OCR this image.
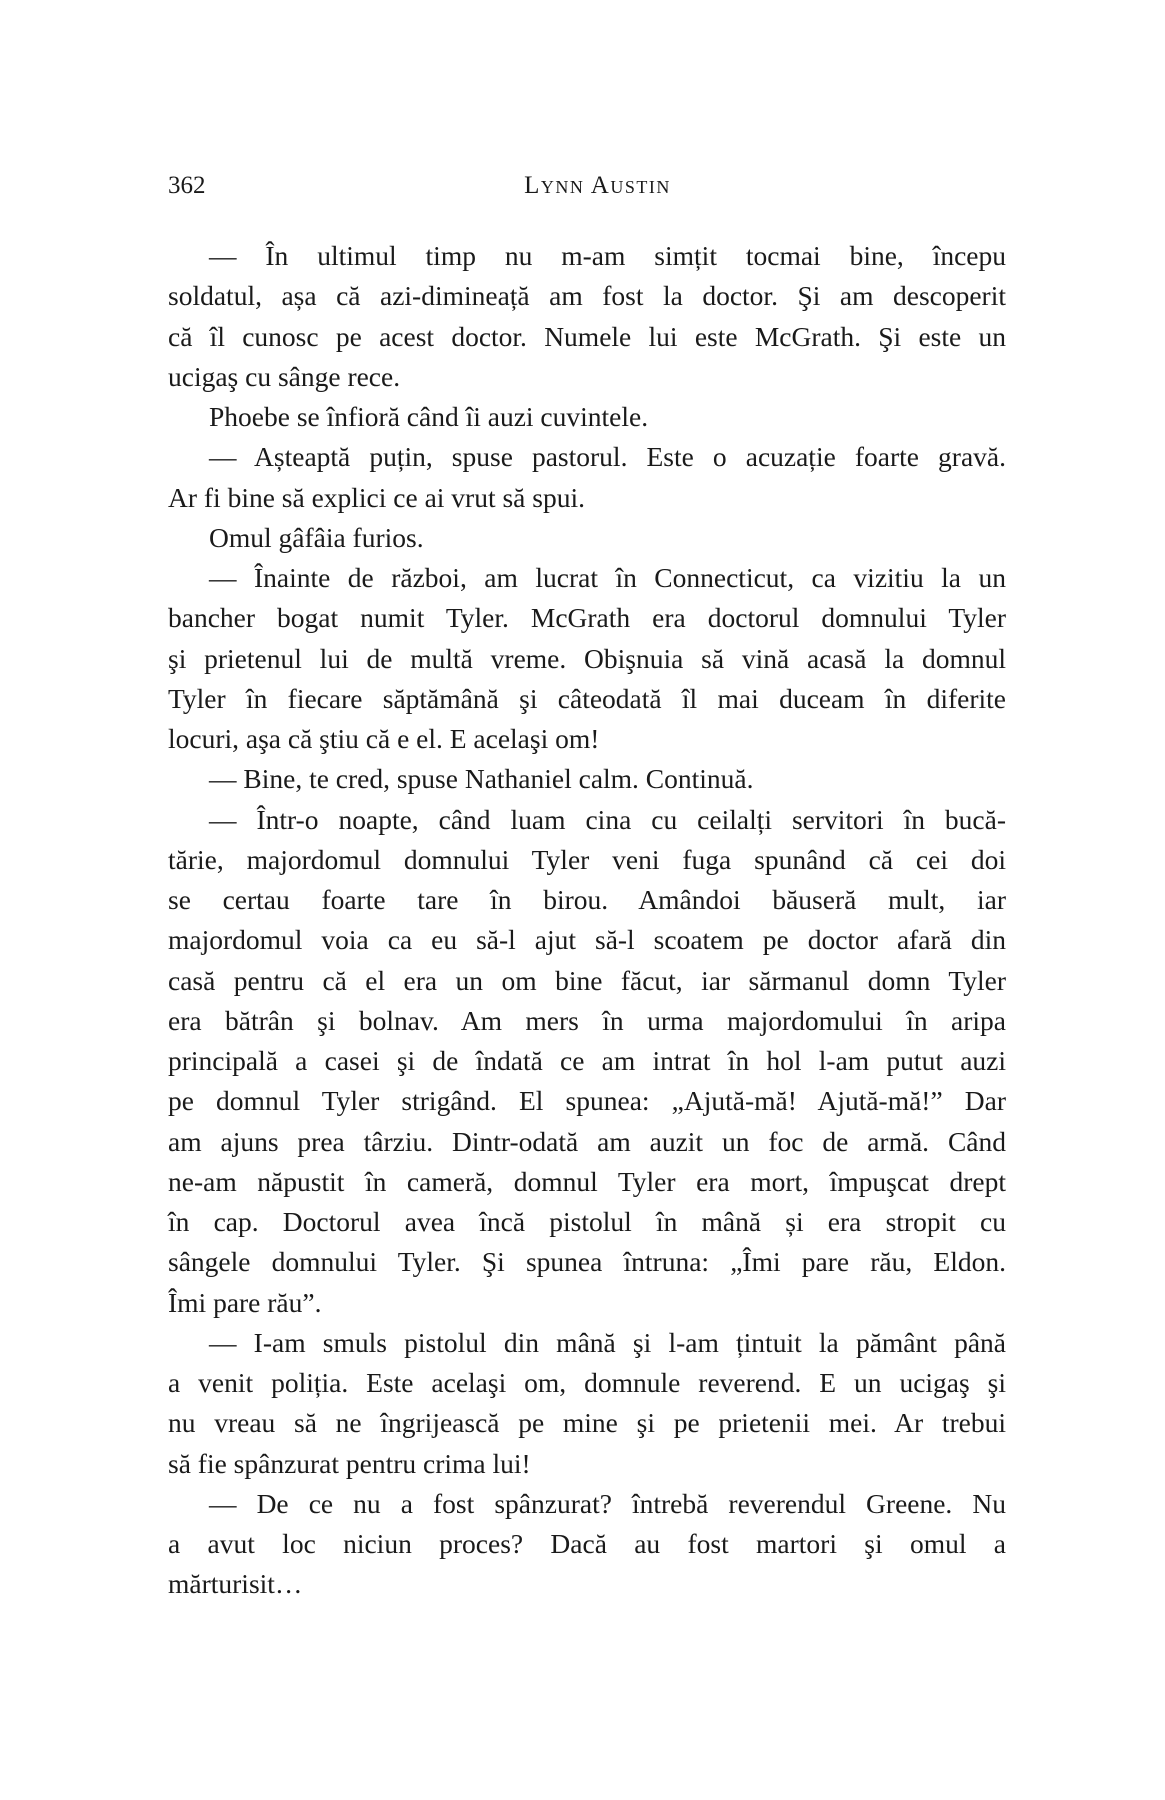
362	Lynn Austin
— În ultimul timp nu m-am simțit tocmai bine, începu
soldatul, așa că azi-dimineață am fost la doctor. Şi am descoperit
că îl cunosc pe acest doctor. Numele lui este McGrath. Şi este un
ucigaş cu sânge rece.
Phoebe se înfioră când îi auzi cuvintele.
— Așteaptă puțin, spuse pastorul. Este o acuzație foarte gravă.
Ar fi bine să explici ce ai vrut să spui.
Omul gâfâia furios.
— Înainte de război, am lucrat în Connecticut, ca vizitiu la un
bancher bogat numit Tyler. McGrath era doctorul domnului Tyler
şi prietenul lui de multă vreme. Obişnuia să vină acasă la domnul
Tyler în fiecare săptămână şi câteodată îl mai duceam în diferite
locuri, aşa că ştiu că e el. E acelaşi om!
— Bine, te cred, spuse Nathaniel calm. Continuă.
— Într-o noapte, când luam cina cu ceilalți servitori în bucă-
tărie, majordomul domnului Tyler veni fuga spunând că cei doi
se certau foarte tare în birou. Amândoi băuseră mult, iar
majordomul voia ca eu să-l ajut să-l scoatem pe doctor afară din
casă pentru că el era un om bine făcut, iar sărmanul domn Tyler
era bătrân şi bolnav. Am mers în urma majordomului în aripa
principală a casei şi de îndată ce am intrat în hol l-am putut auzi
pe domnul Tyler strigând. El spunea: „Ajută-mă! Ajută-mă!” Dar
am ajuns prea târziu. Dintr-odată am auzit un foc de armă. Când
ne-am năpustit în cameră, domnul Tyler era mort, împuşcat drept
în cap. Doctorul avea încă pistolul în mână și era stropit cu
sângele domnului Tyler. Şi spunea întruna: „Îmi pare rău, Eldon.
Îmi pare rău”.
— I-am smuls pistolul din mână şi l-am țintuit la pământ până
a venit poliția. Este acelaşi om, domnule reverend. E un ucigaş şi
nu vreau să ne îngrijească pe mine şi pe prietenii mei. Ar trebui
să fie spânzurat pentru crima lui!
— De ce nu a fost spânzurat? întrebă reverendul Greene. Nu
a avut loc niciun proces? Dacă au fost martori şi omul a
mărturisit…
